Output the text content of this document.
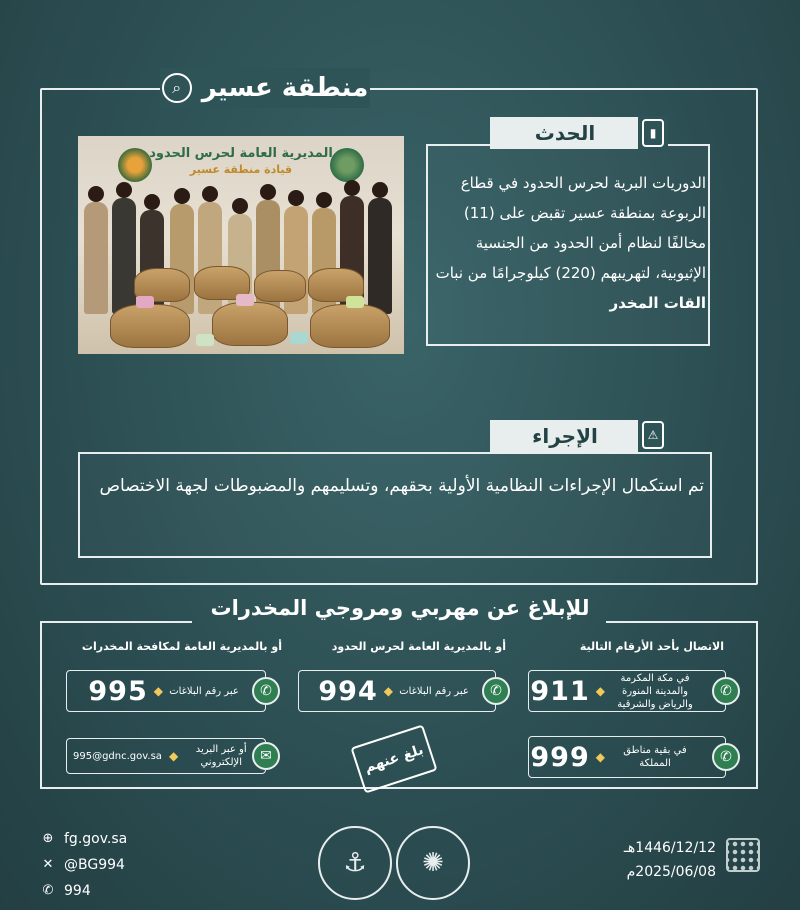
منطقة عسير
⌕
المديرية العامة لحرس الحدود
قيادة منطقة عسير
الحدث	▮
الدوريات البرية لحرس الحدود في قطاع الربوعة بمنطقة عسير تقبض على (11) مخالفًا لنظام أمن الحدود من الجنسية الإثيوبية، لتهريبهم (220) كيلوجرامًا من نبات القات المخدر
الإجراء	⚠
تم استكمال الإجراءات النظامية الأولية بحقهم، وتسليمهم والمضبوطات لجهة الاختصاص
للإبلاغ عن مهربي ومروجي المخدرات
الاتصال بأحد الأرقام التالية
أو بالمديرية العامة لحرس الحدود
أو بالمديرية العامة لمكافحة المخدرات
في مكة المكرمة والمدينة المنورة والرياض والشرقية
◆
911	✆
في بقية مناطق المملكة
◆
999	✆
عبر رقم البلاغات
◆
994	✆
عبر رقم البلاغات
◆
995	✆
995@gdnc.gov.sa ◆	أو عبر البريد الإلكتروني	✉	بلغ عنهم
⊕ fg.gov.sa
✕ @BG994
✆ 994
⚓	✺	1446/12/12هـ
2025/06/08م
